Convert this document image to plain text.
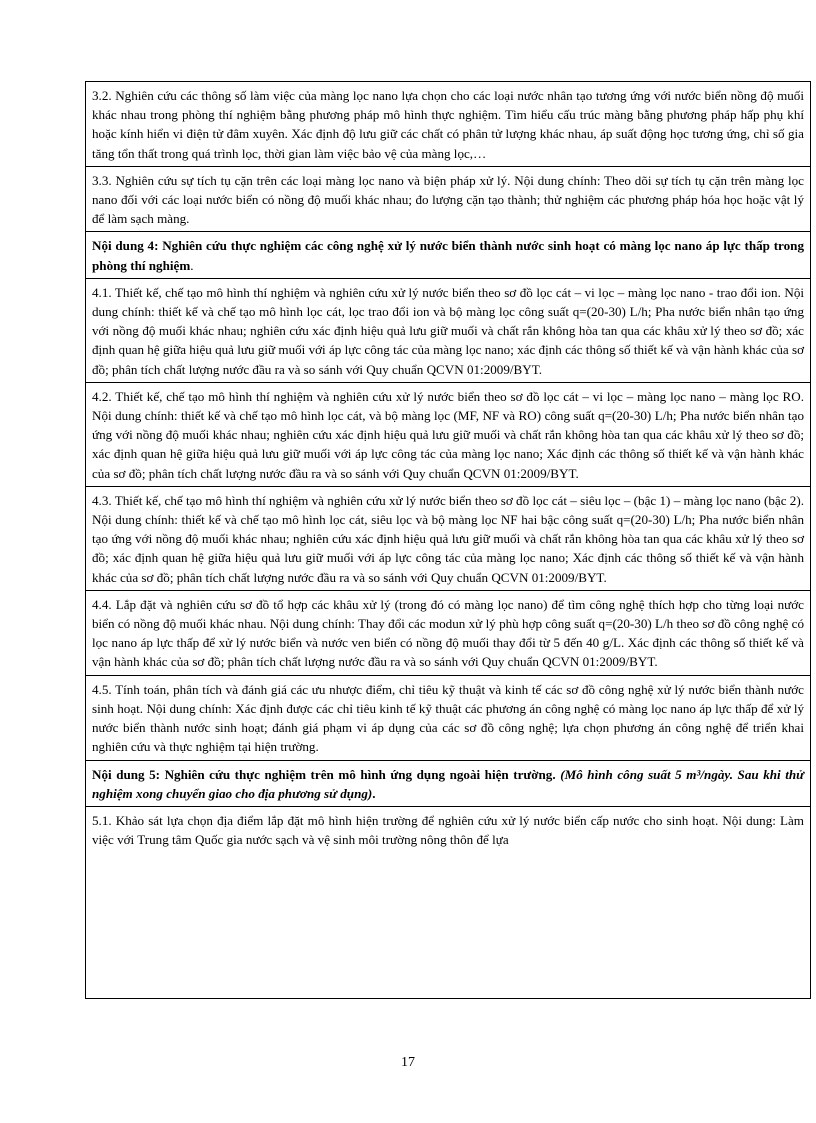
3.2. Nghiên cứu các thông số làm việc của màng lọc nano lựa chọn cho các loại nước nhân tạo tương ứng với nước biển nồng độ muối khác nhau trong phòng thí nghiệm bằng phương pháp mô hình thực nghiệm. Tìm hiểu cấu trúc màng bằng phương pháp hấp phụ khí hoặc kính hiển vi điện tử đâm xuyên. Xác định độ lưu giữ các chất có phân tử lượng khác nhau, áp suất động học tương ứng, chỉ số gia tăng tổn thất trong quá trình lọc, thời gian làm việc bảo vệ của màng lọc,…
3.3. Nghiên cứu sự tích tụ cặn trên các loại màng lọc nano và biện pháp xử lý. Nội dung chính: Theo dõi sự tích tụ cặn trên màng lọc nano đối với các loại nước biển có nồng độ muối khác nhau; đo lượng cặn tạo thành; thử nghiệm các phương pháp hóa học hoặc vật lý để làm sạch màng.
Nội dung 4: Nghiên cứu thực nghiệm các công nghệ xử lý nước biển thành nước sinh hoạt có màng lọc nano áp lực thấp trong phòng thí nghiệm.
4.1. Thiết kế, chế tạo mô hình thí nghiệm và nghiên cứu xử lý nước biển theo sơ đồ lọc cát – vi lọc – màng lọc nano - trao đổi ion. Nội dung chính: thiết kế và chế tạo mô hình lọc cát, lọc trao đổi ion và bộ màng lọc công suất q=(20-30) L/h; Pha nước biển nhân tạo ứng với nồng độ muối khác nhau; nghiên cứu xác định hiệu quả lưu giữ muối và chất rắn không hòa tan qua các khâu xử lý theo sơ đồ; xác định quan hệ giữa hiệu quả lưu giữ muối với áp lực công tác của màng lọc nano; xác định các thông số thiết kế và vận hành khác của sơ đồ; phân tích chất lượng nước đầu ra và so sánh với Quy chuẩn QCVN 01:2009/BYT.
4.2. Thiết kế, chế tạo mô hình thí nghiệm và nghiên cứu xử lý nước biển theo sơ đồ lọc cát – vi lọc – màng lọc nano – màng lọc RO. Nội dung chính: thiết kế và chế tạo mô hình lọc cát, và bộ màng lọc (MF, NF và RO) công suất q=(20-30) L/h; Pha nước biển nhân tạo ứng với nồng độ muối khác nhau; nghiên cứu xác định hiệu quả lưu giữ muối và chất rắn không hòa tan qua các khâu xử lý theo sơ đồ; xác định quan hệ giữa hiệu quả lưu giữ muối với áp lực công tác của màng lọc nano; Xác định các thông số thiết kế và vận hành khác của sơ đồ; phân tích chất lượng nước đầu ra và so sánh với Quy chuẩn QCVN 01:2009/BYT.
4.3. Thiết kế, chế tạo mô hình thí nghiệm và nghiên cứu xử lý nước biển theo sơ đồ lọc cát – siêu lọc – (bậc 1) – màng lọc nano (bậc 2). Nội dung chính: thiết kế và chế tạo mô hình lọc cát, siêu lọc và bộ màng lọc NF hai bậc công suất q=(20-30) L/h; Pha nước biển nhân tạo ứng với nồng độ muối khác nhau; nghiên cứu xác định hiệu quả lưu giữ muối và chất rắn không hòa tan qua các khâu xử lý theo sơ đồ; xác định quan hệ giữa hiệu quả lưu giữ muối với áp lực công tác của màng lọc nano; Xác định các thông số thiết kế và vận hành khác của sơ đồ; phân tích chất lượng nước đầu ra và so sánh với Quy chuẩn QCVN 01:2009/BYT.
4.4. Lắp đặt và nghiên cứu sơ đồ tổ hợp các khâu xử lý (trong đó có màng lọc nano) để tìm công nghệ thích hợp cho từng loại nước biển có nồng độ muối khác nhau. Nội dung chính: Thay đổi các modun xử lý phù hợp công suất q=(20-30) L/h theo sơ đồ công nghệ có lọc nano áp lực thấp để xử lý nước biển và nước ven biển có nồng độ muối thay đổi từ 5 đến 40 g/L. Xác định các thông số thiết kế và vận hành khác của sơ đồ; phân tích chất lượng nước đầu ra và so sánh với Quy chuẩn QCVN 01:2009/BYT.
4.5. Tính toán, phân tích và đánh giá các ưu nhược điểm, chỉ tiêu kỹ thuật và kinh tế các sơ đồ công nghệ xử lý nước biển thành nước sinh hoạt. Nội dung chính: Xác định được các chỉ tiêu kinh tế kỹ thuật các phương án công nghệ có màng lọc nano áp lực thấp để xử lý nước biển thành nước sinh hoạt; đánh giá phạm vi áp dụng của các sơ đồ công nghệ; lựa chọn phương án công nghệ để triển khai nghiên cứu và thực nghiệm tại hiện trường.
Nội dung 5: Nghiên cứu thực nghiệm trên mô hình ứng dụng ngoài hiện trường. (Mô hình công suất 5 m³/ngày. Sau khi thử nghiệm xong chuyển giao cho địa phương sử dụng).
5.1. Khảo sát lựa chọn địa điểm lắp đặt mô hình hiện trường để nghiên cứu xử lý nước biển cấp nước cho sinh hoạt. Nội dung: Làm việc với Trung tâm Quốc gia nước sạch và vệ sinh môi trường nông thôn để lựa
17
